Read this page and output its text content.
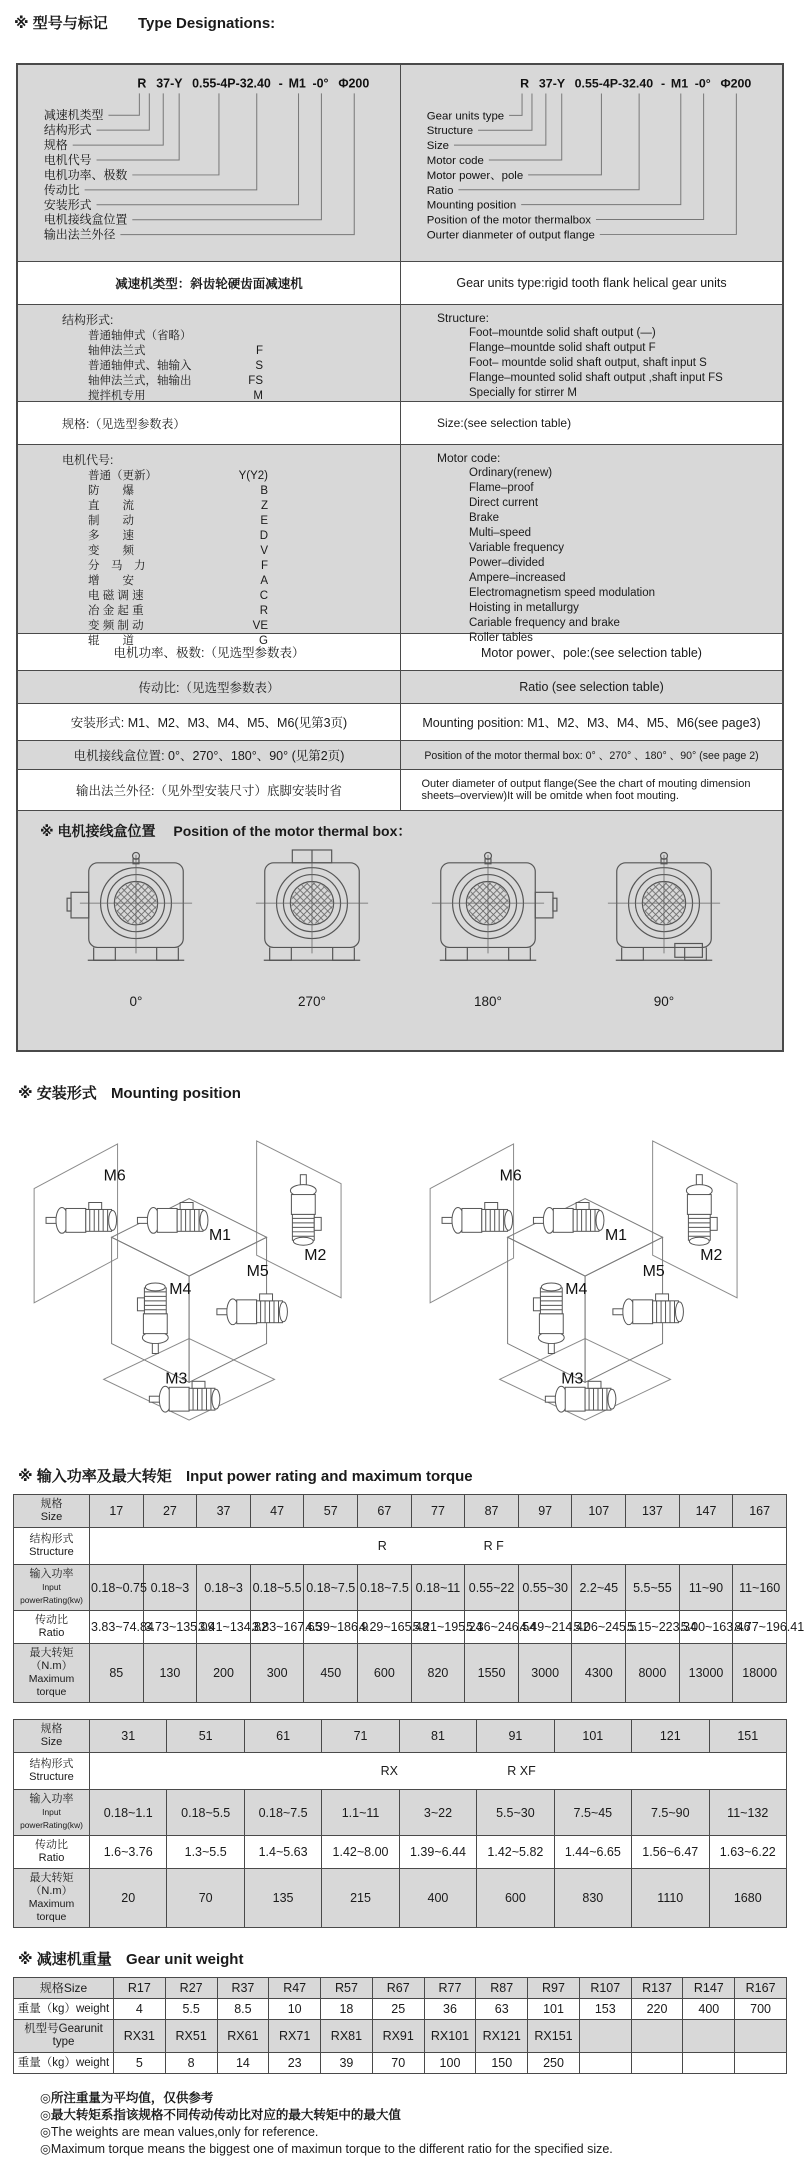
※ 型号与标记 Type Designations:
R 37-Y 0.55-4P-32.40 - M1 -0° Φ200
减速机类型
结构形式
规格
电机代号
电机功率、极数
传动比
安装形式
电机接线盒位置
输出法兰外径
R 37-Y 0.55-4P-32.40 - M1 -0° Φ200
Gear units type
Structure
Size
Motor code
Motor power、pole
Ratio
Mounting position
Position of the motor thermalbox
Ourter dianmeter of output flange
减速机类型：斜齿轮硬齿面减速机	Gear units type:rigid tooth flank helical gear units
结构形式:
普通轴伸式（省略）
轴伸法兰式	F
普通轴伸式、轴输入	S
轴伸法兰式，轴输出	FS
搅拌机专用	M
Structure:
Foot–mountde solid shaft output (—)
Flange–mountde solid shaft output F
Foot– mountde solid shaft output, shaft input S
Flange–mounted solid shaft output ,shaft input FS
Specially for stirrer M
规格:（见选型参数表）	Size:(see selection table)
电机代号:
普通（更新）	Y(Y2)
防　　爆	B
直　　流	Z
制　　动	E
多　　速	D
变　　频	V
分　马　力	F
增　　安	A
电 磁 调 速	C
冶 金 起 重	R
变 频 制 动	VE
辊　　道	G
Motor code:
Ordinary(renew)
Flame–proof
Direct current
Brake
Multi–speed
Variable frequency
Power–divided
Ampere–increased
Electromagnetism speed modulation
Hoisting in metallurgy
Cariable frequency and brake
Roller tables
电机功率、极数:（见选型参数表）	Motor power、pole:(see selection table)
传动比:（见选型参数表）	Ratio (see selection table)
安装形式: M1、M2、M3、M4、M5、M6(见第3页)	Mounting position: M1、M2、M3、M4、M5、M6(see page3)
电机接线盒位置: 0°、270°、180°、90° (见第2页)	Position of the motor thermal box: 0° 、270° 、180° 、90° (see page 2)
输出法兰外径:（见外型安装尺寸）底脚安装时省	Outer diameter of output flange(See the chart of mouting dimension sheets–overview)It will be omitde when foot mouting.
※ 电机接线盒位置 Position of the motor thermal box：
0°	270°	180°	90°
※ 安装形式 Mounting position
M6
M1
M2
M4
M5
M3
M6
M1
M2
M4
M5
M3
※ 输入功率及最大转矩 Input power rating and maximum torque
规格
Size	17	27	37	47	57	67	77	87	97	107	137	147	167
结构形式
Structure	R R F												

输入功率
Input powerRating(kw)	0.18~0.75	0.18~3	0.18~3	0.18~5.5	0.18~7.5	0.18~7.5	0.18~11	0.55~22	0.55~30	2.2~45	5.5~55	11~90	11~160
传动比
Ratio	3.83~74.84	3.73~135.09	3.41~134.82	3.83~167.65	4.39~186.9	4.29~165.48	5.21~195.24	5.36~246.54	4.49~214.42	5.06~245.5	5.15~223.34	5.00~163.46	8.77~196.41
最大转矩（N.m）
Maximum torque	85	130	200	300	450	600	820	1550	3000	4300	8000	13000	18000
规格
Size	31	51	61	71	81	91	101	121	151
结构形式
Structure	RX R XF								

输入功率
Input powerRating(kw)	0.18~1.1	0.18~5.5	0.18~7.5	1.1~11	3~22	5.5~30	7.5~45	7.5~90	11~132
传动比
Ratio	1.6~3.76	1.3~5.5	1.4~5.63	1.42~8.00	1.39~6.44	1.42~5.82	1.44~6.65	1.56~6.47	1.63~6.22
最大转矩（N.m）
Maximum torque	20	70	135	215	400	600	830	1110	1680
※ 减速机重量 Gear unit weight
规格Size	R17	R27	R37	R47	R57	R67	R77	R87	R97	R107	R137	R147	R167
重量（kg）weight	4	5.5	8.5	10	18	25	36	63	101	153	220	400	700
机型号Gearunit type	RX31	RX51	RX61	RX71	RX81	RX91	RX101	RX121	RX151				
重量（kg）weight	5	8	14	23	39	70	100	150	250				
◎所注重量为平均值，仅供参考
◎最大转矩系指该规格不同传动传动比对应的最大转矩中的最大值
◎The weights are mean values,only for reference.
◎Maximum torque means the biggest one of maximun torque to the different ratio for the specified size.
